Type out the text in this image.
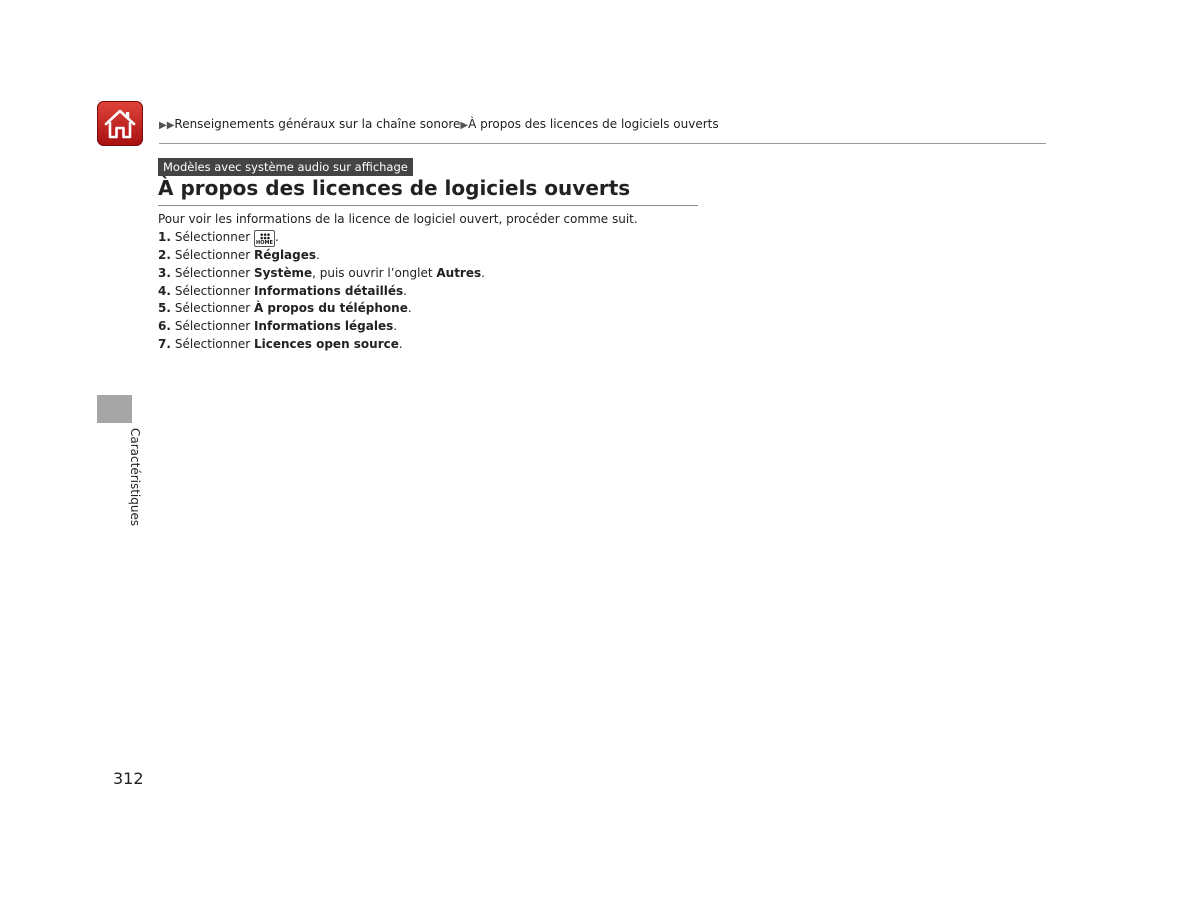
▶▶Renseignements généraux sur la chaîne sonore▶À propos des licences de logiciels ouverts
Modèles avec système audio sur affichage
À propos des licences de logiciels ouverts
Pour voir les informations de la licence de logiciel ouvert, procéder comme suit.
1. Sélectionner HOME .
2. Sélectionner Réglages.
3. Sélectionner Système, puis ouvrir l’onglet Autres.
4. Sélectionner Informations détaillés.
5. Sélectionner À propos du téléphone.
6. Sélectionner Informations légales.
7. Sélectionner Licences open source.
Caractéristiques
312
